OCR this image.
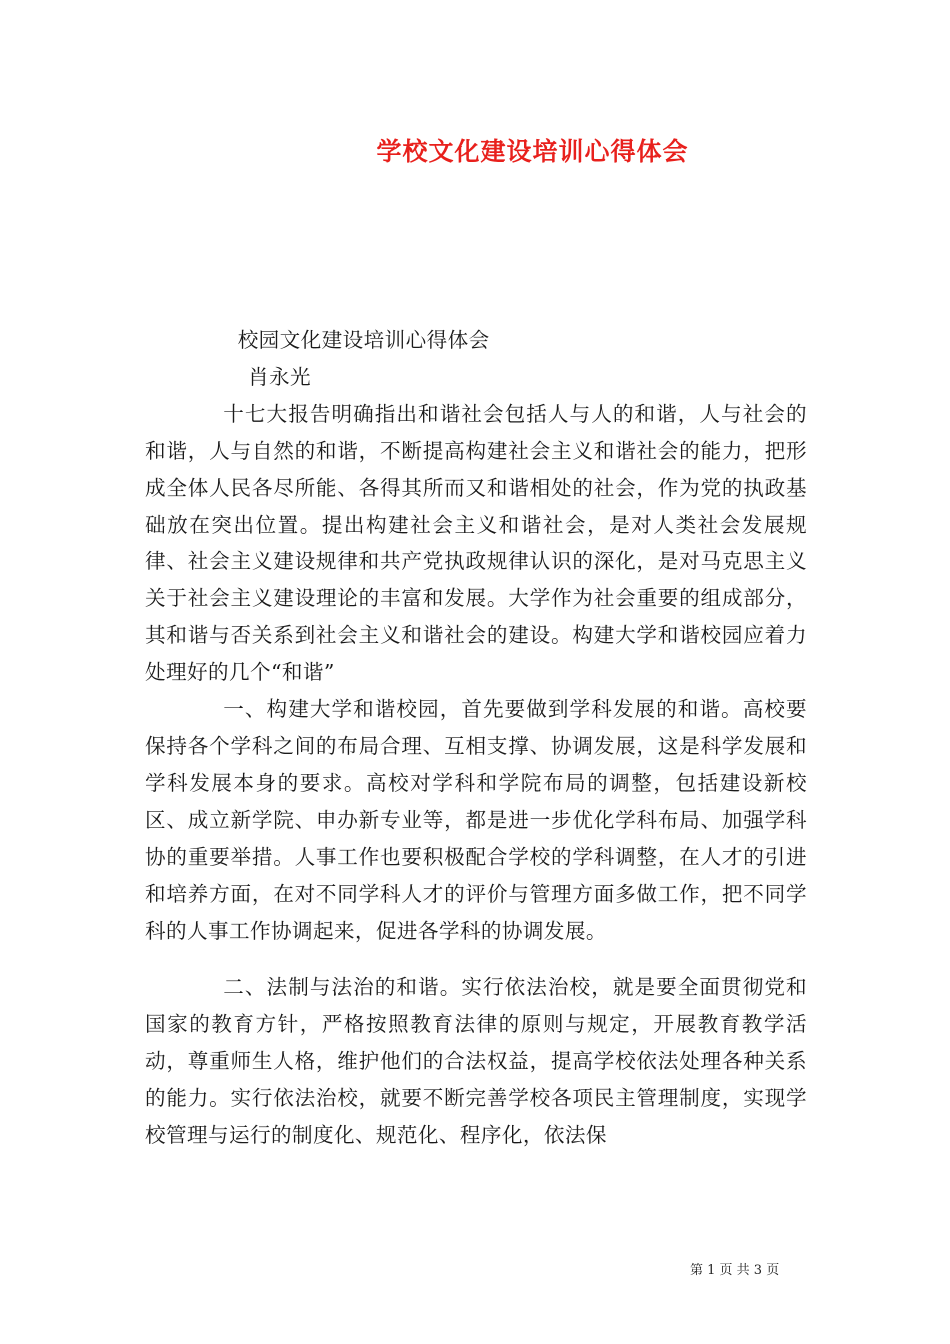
学校文化建设培训心得体会

校园文化建设培训心得体会

肖永光

十七大报告明确指出和谐社会包括人与人的和谐，人与社会的和谐，人与自然的和谐，不断提高构建社会主义和谐社会的能力，把形成全体人民各尽所能、各得其所而又和谐相处的社会，作为党的执政基础放在突出位置。提出构建社会主义和谐社会，是对人类社会发展规律、社会主义建设规律和共产党执政规律认识的深化，是对马克思主义关于社会主义建设理论的丰富和发展。大学作为社会重要的组成部分，其和谐与否关系到社会主义和谐社会的建设。构建大学和谐校园应着力处理好的几个“和谐”

一、构建大学和谐校园，首先要做到学科发展的和谐。高校要保持各个学科之间的布局合理、互相支撑、协调发展，这是科学发展和学科发展本身的要求。高校对学科和学院布局的调整，包括建设新校区、成立新学院、申办新专业等，都是进一步优化学科布局、加强学科协的重要举措。人事工作也要积极配合学校的学科调整，在人才的引进和培养方面，在对不同学科人才的评价与管理方面多做工作，把不同学科的人事工作协调起来，促进各学科的协调发展。

二、法制与法治的和谐。实行依法治校，就是要全面贯彻党和国家的教育方针，严格按照教育法律的原则与规定，开展教育教学活动，尊重师生人格，维护他们的合法权益，提高学校依法处理各种关系的能力。实行依法治校，就要不断完善学校各项民主管理制度，实现学校管理与运行的制度化、规范化、程序化，依法保

第 1 页 共 3 页
